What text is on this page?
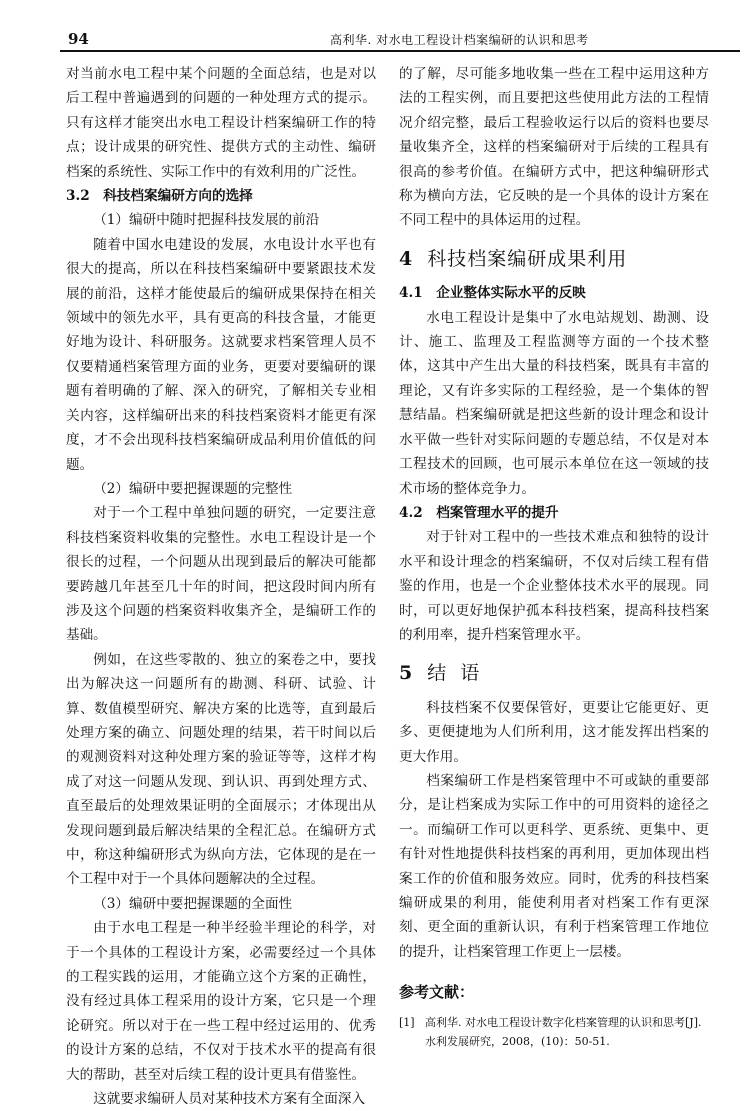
94	高利华. 对水电工程设计档案编研的认识和思考

对当前水电工程中某个问题的全面总结，也是对以后工程中普遍遇到的问题的一种处理方式的提示。只有这样才能突出水电工程设计档案编研工作的特点；设计成果的研究性、提供方式的主动性、编研档案的系统性、实际工作中的有效利用的广泛性。

3.2　科技档案编研方向的选择

（1）编研中随时把握科技发展的前沿

随着中国水电建设的发展，水电设计水平也有很大的提高，所以在科技档案编研中要紧跟技术发展的前沿，这样才能使最后的编研成果保持在相关领域中的领先水平，具有更高的科技含量，才能更好地为设计、科研服务。这就要求档案管理人员不仅要精通档案管理方面的业务，更要对要编研的课题有着明确的了解、深入的研究，了解相关专业相关内容，这样编研出来的科技档案资料才能更有深度，才不会出现科技档案编研成品利用价值低的问题。

（2）编研中要把握课题的完整性

对于一个工程中单独问题的研究，一定要注意科技档案资料收集的完整性。水电工程设计是一个很长的过程，一个问题从出现到最后的解决可能都要跨越几年甚至几十年的时间，把这段时间内所有涉及这个问题的档案资料收集齐全，是编研工作的基础。

例如，在这些零散的、独立的案卷之中，要找出为解决这一问题所有的勘测、科研、试验、计算、数值模型研究、解决方案的比选等，直到最后处理方案的确立、问题处理的结果，若干时间以后的观测资料对这种处理方案的验证等等，这样才构成了对这一问题从发现、到认识、再到处理方式、直至最后的处理效果证明的全面展示；才体现出从发现问题到最后解决结果的全程汇总。在编研方式中，称这种编研形式为纵向方法，它体现的是在一个工程中对于一个具体问题解决的全过程。

（3）编研中要把握课题的全面性

由于水电工程是一种半经验半理论的科学，对于一个具体的工程设计方案，必需要经过一个具体的工程实践的运用，才能确立这个方案的正确性，没有经过具体工程采用的设计方案，它只是一个理论研究。所以对于在一些工程中经过运用的、优秀的设计方案的总结，不仅对于技术水平的提高有很大的帮助，甚至对后续工程的设计更具有借鉴性。

这就要求编研人员对某种技术方案有全面深入

的了解，尽可能多地收集一些在工程中运用这种方法的工程实例，而且要把这些使用此方法的工程情况介绍完整，最后工程验收运行以后的资料也要尽量收集齐全，这样的档案编研对于后续的工程具有很高的参考价值。在编研方式中，把这种编研形式称为横向方法，它反映的是一个具体的设计方案在不同工程中的具体运用的过程。

4 科技档案编研成果利用
4.1　企业整体实际水平的反映

水电工程设计是集中了水电站规划、勘测、设计、施工、监理及工程监测等方面的一个技术整体，这其中产生出大量的科技档案，既具有丰富的理论，又有许多实际的工程经验，是一个集体的智慧结晶。档案编研就是把这些新的设计理念和设计水平做一些针对实际问题的专题总结，不仅是对本工程技术的回顾，也可展示本单位在这一领域的技术市场的整体竞争力。

4.2　档案管理水平的提升

对于针对工程中的一些技术难点和独特的设计水平和设计理念的档案编研，不仅对后续工程有借鉴的作用，也是一个企业整体技术水平的展现。同时，可以更好地保护孤本科技档案，提高科技档案的利用率，提升档案管理水平。

5 结语

科技档案不仅要保管好，更要让它能更好、更多、更便捷地为人们所利用，这才能发挥出档案的更大作用。

档案编研工作是档案管理中不可或缺的重要部分，是让档案成为实际工作中的可用资料的途径之一。而编研工作可以更科学、更系统、更集中、更有针对性地提供科技档案的再利用，更加体现出档案工作的价值和服务效应。同时，优秀的科技档案编研成果的利用，能使利用者对档案工作有更深刻、更全面的重新认识，有利于档案管理工作地位的提升，让档案管理工作更上一层楼。

参考文献：
[1] 高利华. 对水电工程设计数字化档案管理的认识和思考[J]. 水利发展研究，2008，(10)：50-51.
